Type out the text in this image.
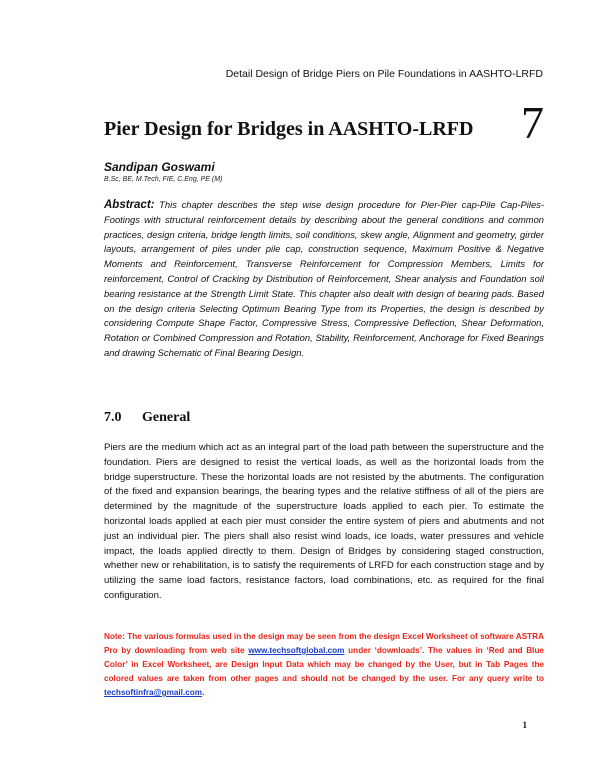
Detail Design of Bridge Piers on Pile Foundations in AASHTO-LRFD
Pier Design for Bridges in AASHTO-LRFD 7
Sandipan Goswami
B.Sc, BE, M.Tech, FIE, C.Eng, PE (M)

Abstract: This chapter describes the step wise design procedure for Pier-Pier cap-Pile Cap-Piles-Footings with structural reinforcement details by describing about the general conditions and common practices, design criteria, bridge length limits, soil conditions, skew angle, Alignment and geometry, girder layouts, arrangement of piles under pile cap, construction sequence, Maximum Positive & Negative Moments and Reinforcement, Transverse Reinforcement for Compression Members, Limits for reinforcement, Control of Cracking by Distribution of Reinforcement, Shear analysis and Foundation soil bearing resistance at the Strength Limit State. This chapter also dealt with design of bearing pads. Based on the design criteria Selecting Optimum Bearing Type from its Properties, the design is described by considering Compute Shape Factor, Compressive Stress, Compressive Deflection, Shear Deformation, Rotation or Combined Compression and Rotation, Stability, Reinforcement, Anchorage for Fixed Bearings and drawing Schematic of Final Bearing Design.

7.0 General

Piers are the medium which act as an integral part of the load path between the superstructure and the foundation. Piers are designed to resist the vertical loads, as well as the horizontal loads from the bridge superstructure. These the horizontal loads are not resisted by the abutments. The configuration of the fixed and expansion bearings, the bearing types and the relative stiffness of all of the piers are determined by the magnitude of the superstructure loads applied to each pier. To estimate the horizontal loads applied at each pier must consider the entire system of piers and abutments and not just an individual pier. The piers shall also resist wind loads, ice loads, water pressures and vehicle impact, the loads applied directly to them. Design of Bridges by considering staged construction, whether new or rehabilitation, is to satisfy the requirements of LRFD for each construction stage and by utilizing the same load factors, resistance factors, load combinations, etc. as required for the final configuration.

Note: The various formulas used in the design may be seen from the design Excel Worksheet of software ASTRA Pro by downloading from web site www.techsoftglobal.com under ‘downloads’. The values in ‘Red and Blue Color’ in Excel Worksheet, are Design Input Data which may be changed by the User, but in Tab Pages the colored values are taken from other pages and should not be changed by the user. For any query write to techsoftinfra@gmail.com.

1
